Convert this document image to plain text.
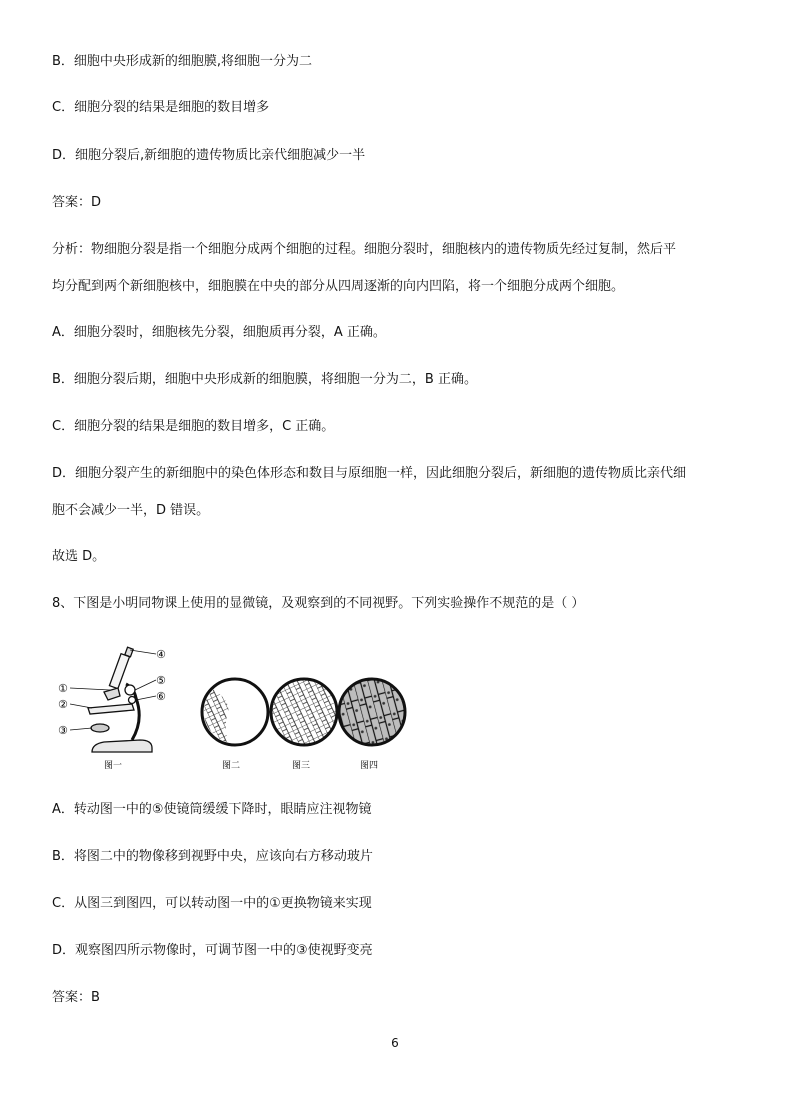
B．细胞中央形成新的细胞膜,将细胞一分为二
C．细胞分裂的结果是细胞的数目增多
D．细胞分裂后,新细胞的遗传物质比亲代细胞减少一半
答案：D
分析：物细胞分裂是指一个细胞分成两个细胞的过程。细胞分裂时，细胞核内的遗传物质先经过复制，然后平
均分配到两个新细胞核中，细胞膜在中央的部分从四周逐渐的向内凹陷，将一个细胞分成两个细胞。
A．细胞分裂时，细胞核先分裂，细胞质再分裂，A 正确。
B．细胞分裂后期，细胞中央形成新的细胞膜，将细胞一分为二，B 正确。
C．细胞分裂的结果是细胞的数目增多，C 正确。
D．细胞分裂产生的新细胞中的染色体形态和数目与原细胞一样，因此细胞分裂后，新细胞的遗传物质比亲代细
胞不会减少一半，D 错误。
故选 D。
8、下图是小明同物课上使用的显微镜，及观察到的不同视野。下列实验操作不规范的是（ ）
①
②
③
④
⑤
⑥
图一	图二	图三	图四
A．转动图一中的⑤使镜筒缓缓下降时，眼睛应注视物镜
B．将图二中的物像移到视野中央，应该向右方移动玻片
C．从图三到图四，可以转动图一中的①更换物镜来实现
D．观察图四所示物像时，可调节图一中的③使视野变亮
答案：B
6
